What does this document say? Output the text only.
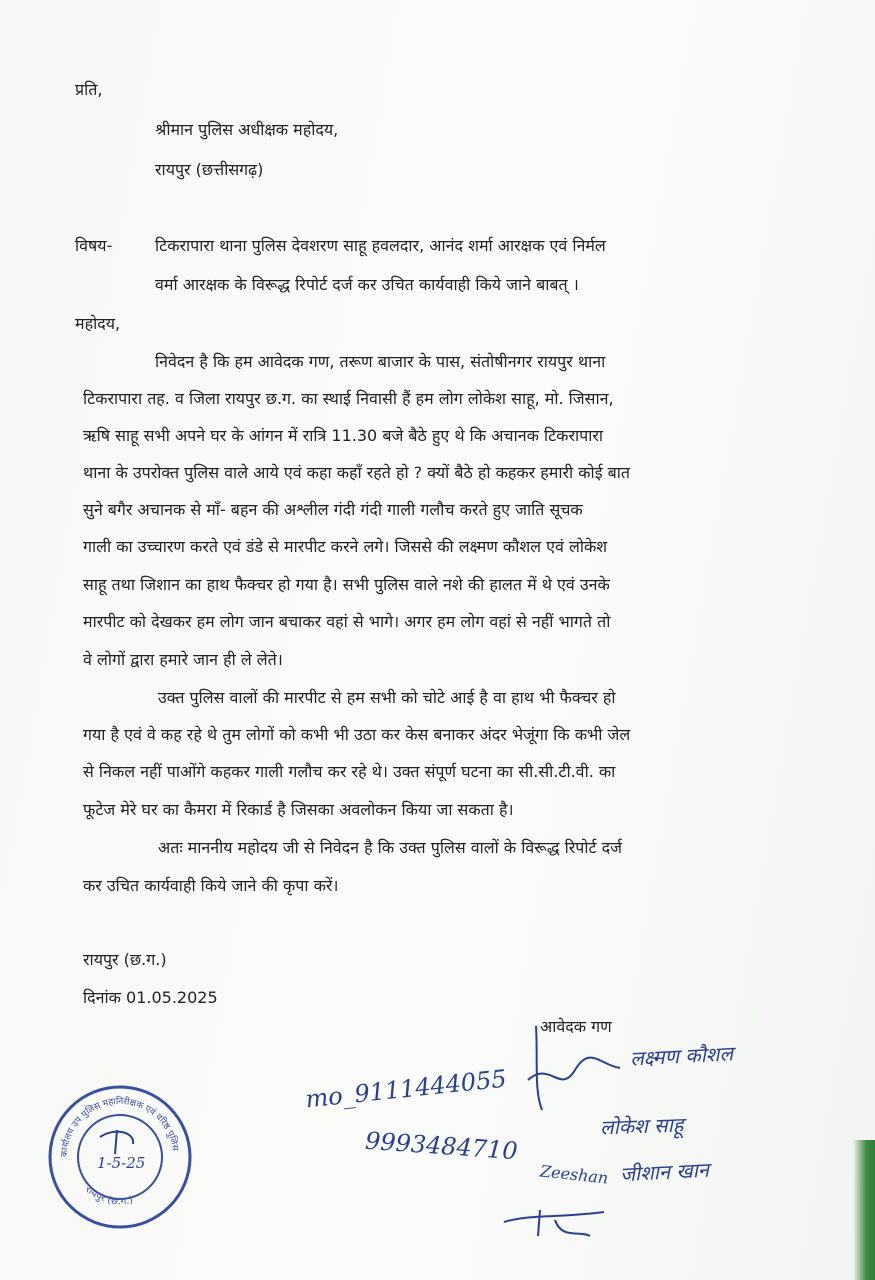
प्रति,
श्रीमान पुलिस अधीक्षक महोदय,
रायपुर (छत्तीसगढ़)
विषय-	टिकरापारा थाना पुलिस देवशरण साहू हवलदार, आनंद शर्मा आरक्षक एवं निर्मल
वर्मा आरक्षक के विरूद्ध रिपोर्ट दर्ज कर उचित कार्यवाही किये जाने बाबत् ।
महोदय,
निवेदन है कि हम आवेदक गण, तरूण बाजार के पास, संतोषीनगर रायपुर थाना
टिकरापारा तह. व जिला रायपुर छ.ग. का स्थाई निवासी हैं हम लोग लोकेश साहू, मो. जिसान,
ऋषि साहू सभी अपने घर के आंगन में रात्रि 11.30 बजे बैठे हुए थे कि अचानक टिकरापारा
थाना के उपरोक्त पुलिस वाले आये एवं कहा कहाँ रहते हो ? क्यों बैठे हो कहकर हमारी कोई बात
सुने बगैर अचानक से माँ- बहन की अश्लील गंदी गंदी गाली गलौच करते हुए जाति सूचक
गाली का उच्चारण करते एवं डंडे से मारपीट करने लगे। जिससे की लक्ष्मण कौशल एवं लोकेश
साहू तथा जिशान का हाथ फैक्चर हो गया है। सभी पुलिस वाले नशे की हालत में थे एवं उनके
मारपीट को देखकर हम लोग जान बचाकर वहां से भागे। अगर हम लोग वहां से नहीं भागते तो
वे लोगों द्वारा हमारे जान ही ले लेते।
उक्त पुलिस वालों की मारपीट से हम सभी को चोटे आई है वा हाथ भी फैक्चर हो
गया है एवं वे कह रहे थे तुम लोगों को कभी भी उठा कर केस बनाकर अंदर भेजूंगा कि कभी जेल
से निकल नहीं पाओंगे कहकर गाली गलौच कर रहे थे। उक्त संपूर्ण घटना का सी.सी.टी.वी. का
फूटेज मेरे घर का कैमरा में रिकार्ड है जिसका अवलोकन किया जा सकता है।
अतः माननीय महोदय जी से निवेदन है कि उक्त पुलिस वालों के विरूद्ध रिपोर्ट दर्ज
कर उचित कार्यवाही किये जाने की कृपा करें।
रायपुर (छ.ग.)
दिनांक 01.05.2025
आवेदक गण
mo_9111444055
9993484710
लक्ष्मण कौशल
लोकेश साहू
जीशान खान
Zeeshan
कार्यालय उप पुलिस महानिरीक्षक एवं वरिष्ठ पुलिस
रायपुर (छ.ग.)
1-5-25
